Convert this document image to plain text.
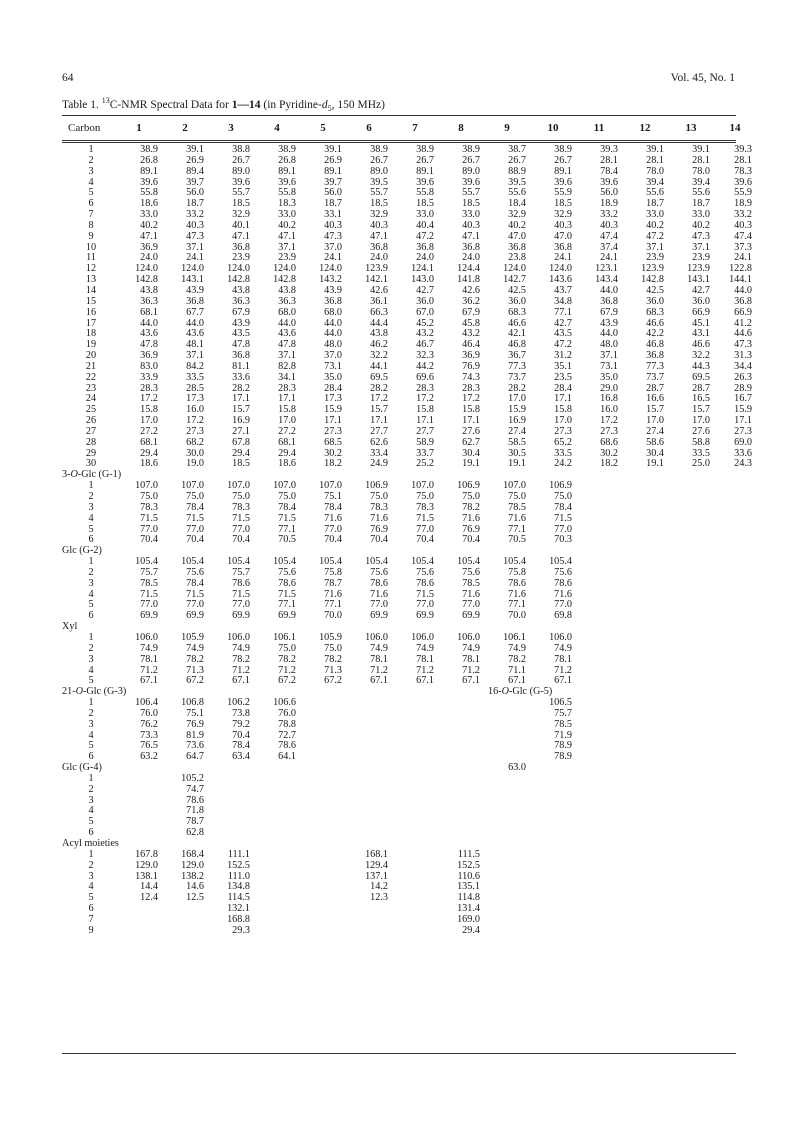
64	Vol. 45, No. 1
Table 1. $^{13}$C-NMR Spectral Data for 1—14 (in Pyridine-$d_5$, 150 MHz)
Carbon	1	2	3	4	5	6	7	8	9	10	11	12	13	14
1	38.9	39.1	38.8	38.9	39.1	38.9	38.9	38.9	38.7	38.9	39.3	39.1	39.1	39.3
2	26.8	26.9	26.7	26.8	26.9	26.7	26.7	26.7	26.7	26.7	28.1	28.1	28.1	28.1
3	89.1	89.4	89.0	89.1	89.1	89.0	89.1	89.0	88.9	89.1	78.4	78.0	78.0	78.3
4	39.6	39.7	39.6	39.6	39.7	39.5	39.6	39.6	39.5	39.6	39.6	39.4	39.4	39.6
5	55.8	56.0	55.7	55.8	56.0	55.7	55.8	55.7	55.6	55.9	56.0	55.6	55.6	55.9
6	18.6	18.7	18.5	18.3	18.7	18.5	18.5	18.5	18.4	18.5	18.9	18.7	18.7	18.9
7	33.0	33.2	32.9	33.0	33.1	32.9	33.0	33.0	32.9	32.9	33.2	33.0	33.0	33.2
8	40.2	40.3	40.1	40.2	40.3	40.3	40.4	40.3	40.2	40.3	40.3	40.2	40.2	40.3
9	47.1	47.3	47.1	47.1	47.3	47.1	47.2	47.1	47.0	47.0	47.4	47.2	47.3	47.4
10	36.9	37.1	36.8	37.1	37.0	36.8	36.8	36.8	36.8	36.8	37.4	37.1	37.1	37.3
11	24.0	24.1	23.9	23.9	24.1	24.0	24.0	24.0	23.8	24.1	24.1	23.9	23.9	24.1
12	124.0	124.0	124.0	124.0	124.0	123.9	124.1	124.4	124.0	124.0	123.1	123.9	123.9	122.8
13	142.8	143.1	142.8	142.8	143.2	142.1	143.0	141.8	142.7	143.6	143.4	142.8	143.1	144.1
14	43.8	43.9	43.8	43.8	43.9	42.6	42.7	42.6	42.5	43.7	44.0	42.5	42.7	44.0
15	36.3	36.8	36.3	36.3	36.8	36.1	36.0	36.2	36.0	34.8	36.8	36.0	36.0	36.8
16	68.1	67.7	67.9	68.0	68.0	66.3	67.0	67.9	68.3	77.1	67.9	68.3	66.9	66.9
17	44.0	44.0	43.9	44.0	44.0	44.4	45.2	45.8	46.6	42.7	43.9	46.6	45.1	41.2
18	43.6	43.6	43.5	43.6	44.0	43.8	43.2	43.2	42.1	43.5	44.0	42.2	43.1	44.6
19	47.8	48.1	47.8	47.8	48.0	46.2	46.7	46.4	46.8	47.2	48.0	46.8	46.6	47.3
20	36.9	37.1	36.8	37.1	37.0	32.2	32.3	36.9	36.7	31.2	37.1	36.8	32.2	31.3
21	83.0	84.2	81.1	82.8	73.1	44.1	44.2	76.9	77.3	35.1	73.1	77.3	44.3	34.4
22	33.9	33.5	33.6	34.1	35.0	69.5	69.6	74.3	73.7	23.5	35.0	73.7	69.5	26.3
23	28.3	28.5	28.2	28.3	28.4	28.2	28.3	28.3	28.2	28.4	29.0	28.7	28.7	28.9
24	17.2	17.3	17.1	17.1	17.3	17.2	17.2	17.2	17.0	17.1	16.8	16.6	16.5	16.7
25	15.8	16.0	15.7	15.8	15.9	15.7	15.8	15.8	15.9	15.8	16.0	15.7	15.7	15.9
26	17.0	17.2	16.9	17.0	17.1	17.1	17.1	17.1	16.9	17.0	17.2	17.0	17.0	17.1
27	27.2	27.3	27.1	27.2	27.3	27.7	27.7	27.6	27.4	27.3	27.3	27.4	27.6	27.3
28	68.1	68.2	67.8	68.1	68.5	62.6	58.9	62.7	58.5	65.2	68.6	58.6	58.8	69.0
29	29.4	30.0	29.4	29.4	30.2	33.4	33.7	30.4	30.5	33.5	30.2	30.4	33.5	33.6
30	18.6	19.0	18.5	18.6	18.2	24.9	25.2	19.1	19.1	24.2	18.2	19.1	25.0	24.3
3-O-Glc (G-1)														
1	107.0	107.0	107.0	107.0	107.0	106.9	107.0	106.9	107.0	106.9				
2	75.0	75.0	75.0	75.0	75.1	75.0	75.0	75.0	75.0	75.0				
3	78.3	78.4	78.3	78.4	78.4	78.3	78.3	78.2	78.5	78.4				
4	71.5	71.5	71.5	71.5	71.6	71.6	71.5	71.6	71.6	71.5				
5	77.0	77.0	77.0	77.1	77.0	76.9	77.0	76.9	77.1	77.0				
6	70.4	70.4	70.4	70.5	70.4	70.4	70.4	70.4	70.5	70.3				
Glc (G-2)														
1	105.4	105.4	105.4	105.4	105.4	105.4	105.4	105.4	105.4	105.4				
2	75.7	75.6	75.7	75.6	75.8	75.6	75.6	75.6	75.8	75.6				
3	78.5	78.4	78.6	78.6	78.7	78.6	78.6	78.5	78.6	78.6				
4	71.5	71.5	71.5	71.5	71.6	71.6	71.5	71.6	71.6	71.6				
5	77.0	77.0	77.0	77.1	77.1	77.0	77.0	77.0	77.1	77.0				
6	69.9	69.9	69.9	69.9	70.0	69.9	69.9	69.9	70.0	69.8				
Xyl														
1	106.0	105.9	106.0	106.1	105.9	106.0	106.0	106.0	106.1	106.0				
2	74.9	74.9	74.9	75.0	75.0	74.9	74.9	74.9	74.9	74.9				
3	78.1	78.2	78.2	78.2	78.2	78.1	78.1	78.1	78.2	78.1				
4	71.2	71.3	71.2	71.2	71.3	71.2	71.2	71.2	71.1	71.2				
5	67.1	67.2	67.1	67.2	67.2	67.1	67.1	67.1	67.1	67.1				
21-O-Glc (G-3)									16-O-Glc (G-5)					
1	106.4	106.8	106.2	106.6						106.5				
2	76.0	75.1	73.8	76.0						75.7				
3	76.2	76.9	79.2	78.8						78.5				
4	73.3	81.9	70.4	72.7						71.9				
5	76.5	73.6	78.4	78.6						78.9				
6	63.2	64.7	63.4	64.1						78.9				
Glc (G-4)									63.0					
1		105.2												
2		74.7												
3		78.6												
4		71.8												
5		78.7												
6		62.8												
Acyl moieties														
1	167.8	168.4	111.1			168.1		111.5						
2	129.0	129.0	152.5			129.4		152.5						
3	138.1	138.2	111.0			137.1		110.6						
4	14.4	14.6	134.8			14.2		135.1						
5	12.4	12.5	114.5			12.3		114.8						
6			132.1					131.4						
7			168.8					169.0						
9			29.3					29.4						
